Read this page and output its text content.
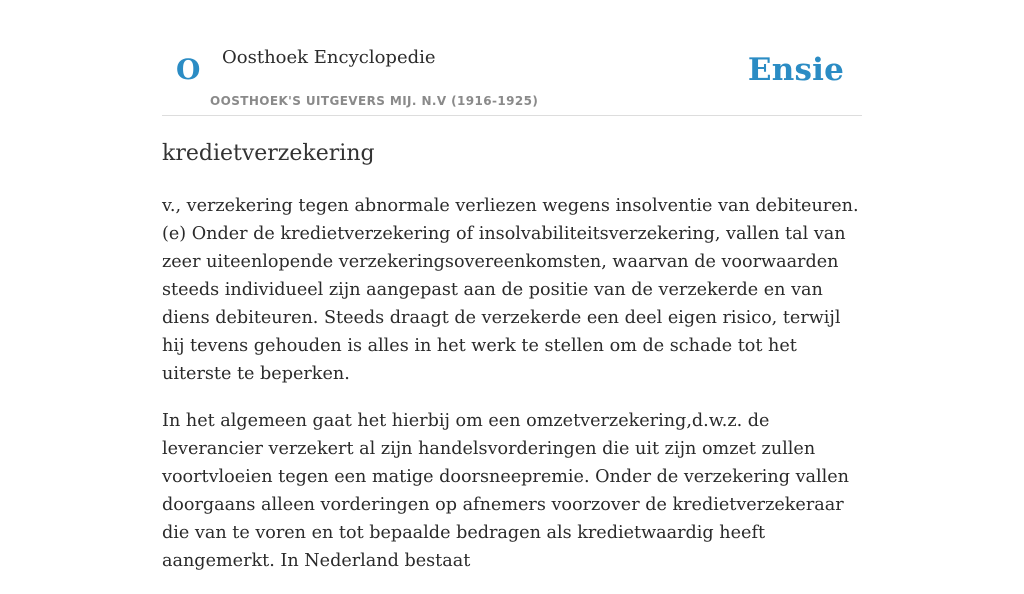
O Oosthoek Encyclopedie
OOSTHOEK'S UITGEVERS MIJ. N.V (1916-1925)
Ensie
kredietverzekering

v., verzekering tegen abnormale verliezen wegens insolventie van debiteuren. (e) Onder de kredietverzekering of insolvabiliteitsverzekering, vallen tal van zeer uiteenlopende verzekeringsovereenkomsten, waarvan de voorwaarden steeds individueel zijn aangepast aan de positie van de verzekerde en van diens debiteuren. Steeds draagt de verzekerde een deel eigen risico, terwijl hij tevens gehouden is alles in het werk te stellen om de schade tot het uiterste te beperken.

In het algemeen gaat het hierbij om een omzetverzekering,d.w.z. de leverancier verzekert al zijn handelsvorderingen die uit zijn omzet zullen voortvloeien tegen een matige doorsneepremie. Onder de verzekering vallen doorgaans alleen vorderingen op afnemers voorzover de kredietverzekeraar die van te voren en tot bepaalde bedragen als kredietwaardig heeft aangemerkt. In Nederland bestaat
